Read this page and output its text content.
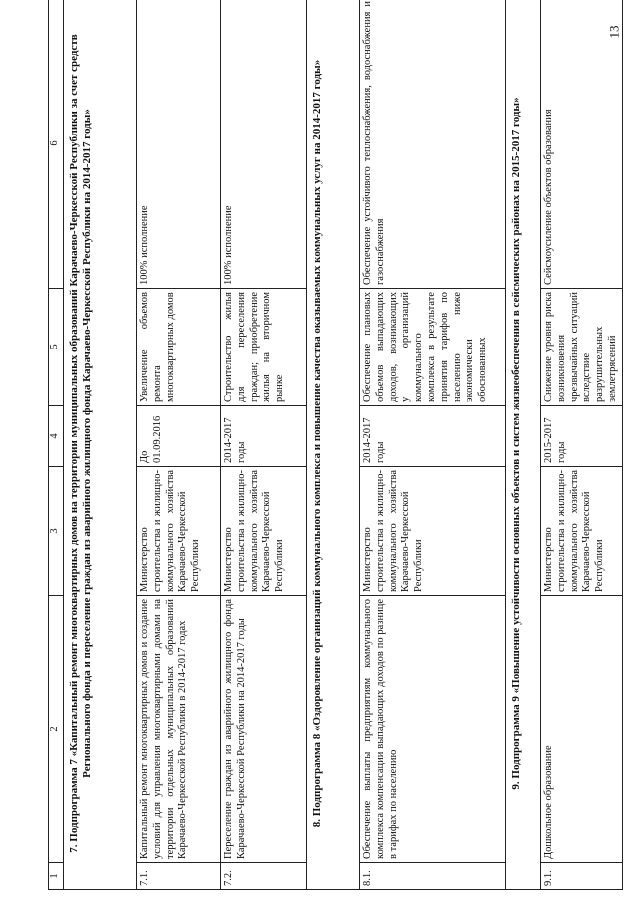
13
1	2	3	4	5	6
7. Подпрограмма 7 «Капитальный ремонт многоквартирных домов на территории муниципальных образований Карачаево-Черкесской Республики за счет средств Регионального фонда и переселение граждан из аварийного жилищного фонда Карачаево-Черкесской Республики на 2014-2017 годы»					
7.1.	Капитальный ремонт многоквартирных домов и создание условий для управления многоквартирными домами на территории отдельных муниципальных образований Карачаево-Черкесской Республики в 2014-2017 годах	Министерство строительства и жилищно-коммунального хозяйства Карачаево-Черкесской Республики	До 01.09.2016	Увеличение объемов ремонта многоквартирных домов	100% исполнение
7.2.	Переселение граждан из аварийного жилищного фонда Карачаево-Черкесской Республики на 2014-2017 годы	Министерство строительства и жилищно-коммунального хозяйства Карачаево-Черкесской Республики	2014-2017 годы	Строительство жилья для переселения граждан; приобретение жилья на вторичном рынке	100% исполнение
8. Подпрограмма 8 «Оздоровление организаций коммунального комплекса и повышение качества оказываемых коммунальных услуг на 2014-2017 годы»					
8.1.	Обеспечение выплаты предприятиям коммунального комплекса компенсации выпадающих доходов по разнице в тарифах по населению	Министерство строительства и жилищно-коммунального хозяйства Карачаево-Черкесской Республики	2014-2017 годы	Обеспечение плановых объемов выпадающих доходов, возникающих у организаций коммунального комплекса в результате принятия тарифов по населению ниже экономически обоснованных	Обеспечение устойчивого теплоснабжения, водоснабжения и газоснабжения
9. Подпрограмма 9 «Повышение устойчивости основных объектов и систем жизнеобеспечения в сейсмических районах на 2015-2017 годы»					
9.1.	Дошкольное образование	Министерство строительства и жилищно-коммунального хозяйства Карачаево-Черкесской Республики	2015-2017 годы	Снижение уровня риска возникновения чрезвычайных ситуаций вследствие разрушительных землетрясений	Сейсмоусиление объектов образования
